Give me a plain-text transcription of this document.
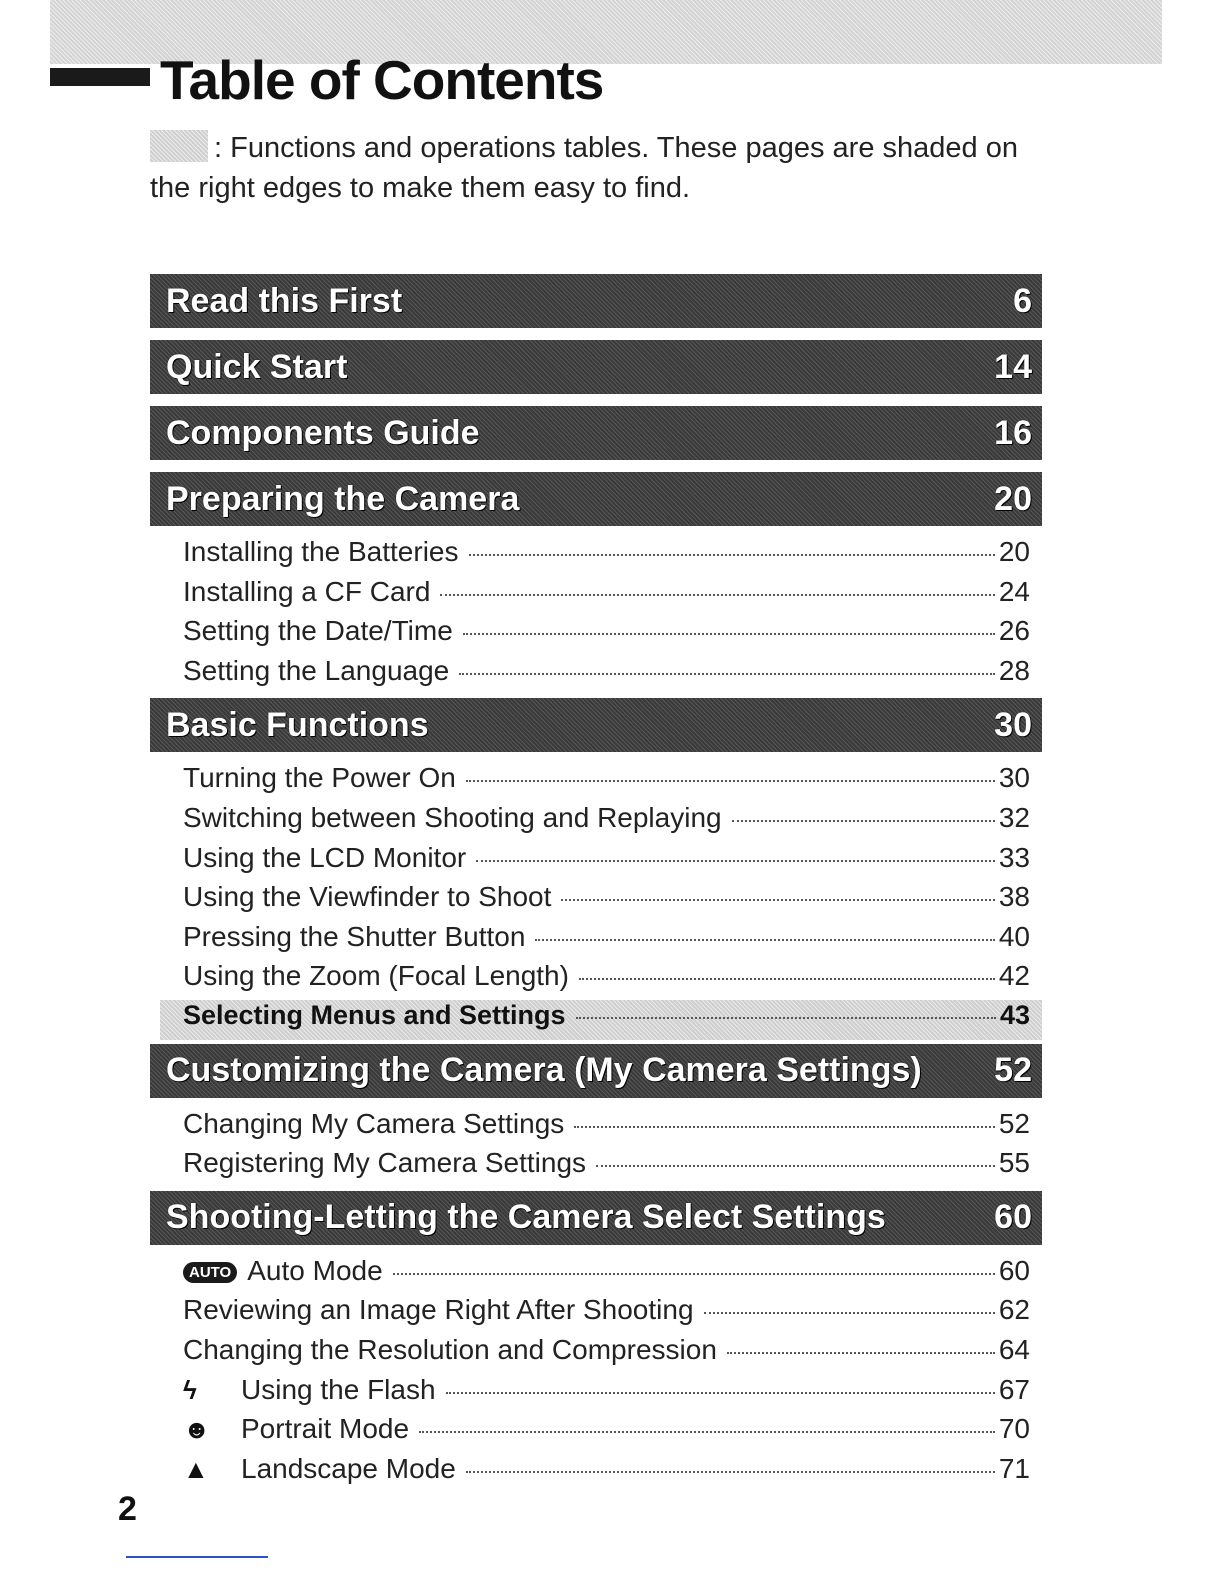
Table of Contents

: Functions and operations tables. These pages are shaded on the right edges to make them easy to find.

Read this First	6
Quick Start	14
Components Guide	16
Preparing the Camera	20
Installing the Batteries	20
Installing a CF Card	24
Setting the Date/Time	26
Setting the Language	28
Basic Functions	30
Turning the Power On	30
Switching between Shooting and Replaying	32
Using the LCD Monitor	33
Using the Viewfinder to Shoot	38
Pressing the Shutter Button	40
Using the Zoom (Focal Length)	42
Selecting Menus and Settings	43
Customizing the Camera (My Camera Settings) 52
Changing My Camera Settings	52
Registering My Camera Settings	55
Shooting-Letting the Camera Select Settings	60
AUTO Auto Mode	60
Reviewing an Image Right After Shooting	62
Changing the Resolution and Compression	64
ϟ	Using the Flash	67
☻	Portrait Mode	70
▲	Landscape Mode	71
2
